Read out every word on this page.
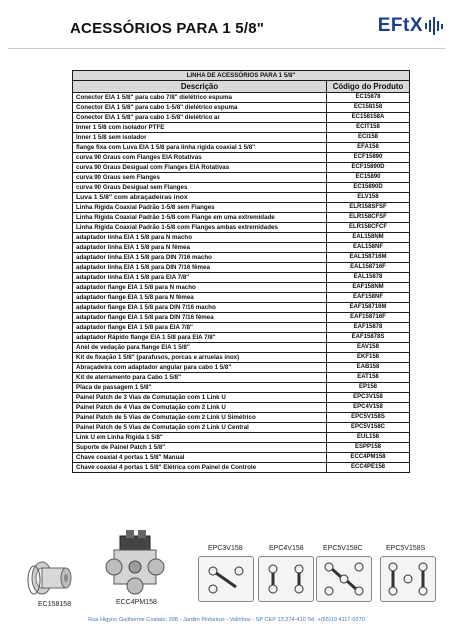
ACESSÓRIOS PARA 1 5/8"	EFtX
LINHA DE ACESSÓRIOS PARA 1 5/8"	
Descrição	Código do Produto
Conector EIA 1 5/8" para cabo 7/8" dielétrico espuma	EC15878
Conector EIA 1 5/8" para cabo 1-5/8" dielétrico espuma	EC158158
Conector EIA 1 5/8" para cabo 1-5/8" dielétrico ar	EC158158A
Inner 1 5/8 com isolador PTFE	ECIT158
Inner 1 5/8 sem isolador	ECI158
flange fixa com Luva EIA 1 5/8 para linha rígida coaxial 1 5/8"	EFA158
curva 90 Graus com Flanges EIA Rotativas	ECF15890
curva 90 Graus Desigual com Flanges EIA Rotativas	ECF15890D
curva 90 Graus sem Flanges	EC15890
curva 90 Graus Desigual sem Flanges	EC15890D
Luva 1 5/8" com abraçadeiras inox	ELV158
Linha Rígida Coaxial Padrão 1-5/8 sem Flanges	ELR158SFSF
Linha Rígida Coaxial Padrão 1-5/8 com Flange em uma extremidade	ELR158CFSF
Linha Rígida Coaxial Padrão 1-5/8 com Flanges ambas extremidades	ELR158CFCF
adaptador linha EIA 1 5/8 para N macho	EAL158NM
adaptador linha EIA 1 5/8 para N fêmea	EAL158NF
adaptador linha EIA 1 5/8 para DIN 7/16 macho	EAL158716M
adaptador linha EIA 1 5/8 para DIN 7/16 fêmea	EAL158716F
adaptador linha EIA 1 5/8 para EIA 7/8"	EAL15878
adaptador flange EIA 1 5/8 para N macho	EAF158NM
adaptador flange EIA 1 5/8 para N fêmea	EAF158NF
adaptador flange EIA 1 5/8 para DIN 7/16 macho	EAF158716M
adaptador flange EIA 1 5/8 para DIN 7/16 fêmea	EAF158716F
adaptador flange EIA 1 5/8 para EIA 7/8"	EAF15878
adaptador Rápido flange EIA 1 5/8 para EIA 7/8"	EAF15878S
Anel de vedação para flange EIA 1 5/8"	EAV158
Kit de fixação 1 5/8" (parafusos, porcas e arruelas inox)	EKF158
Abraçadeira com adaptador angular para cabo 1 5/8"	EAB158
Kit de aterramento para Cabo 1 5/8"	EAT158
Placa de passagem 1 5/8"	EP158
Painel Patch de 3 Vias de Comutação com 1 Link U	EPC3V158
Painel Patch de 4 Vias de Comutação com 2 Link U	EPC4V158
Painel Patch de 5 Vias de Comutação com 2 Link U Simétrico	EPC5V158S
Painel Patch de 5 Vias de Comutação com 2 Link U Central	EPC5V158C
Link U em Linha Rígida 1 5/8"	EUL158
Suporte de Painel Patch 1 5/8"	ESPP158
Chave coaxial 4 portas 1 5/8" Manual	ECC4PM158
Chave coaxial 4 portas 1 5/8" Elétrica com Painel de Controle	ECC4PE158
EC158158	ECC4PM158
EPC3V158	EPC4V158	EPC5V158C	EPC5V158S
Rua Higyno Guilherme Costato, 298 - Jardim Pinheiros - Valinhos - SP CEP 13.274-410 Tel. +(55)19 4117-0270
